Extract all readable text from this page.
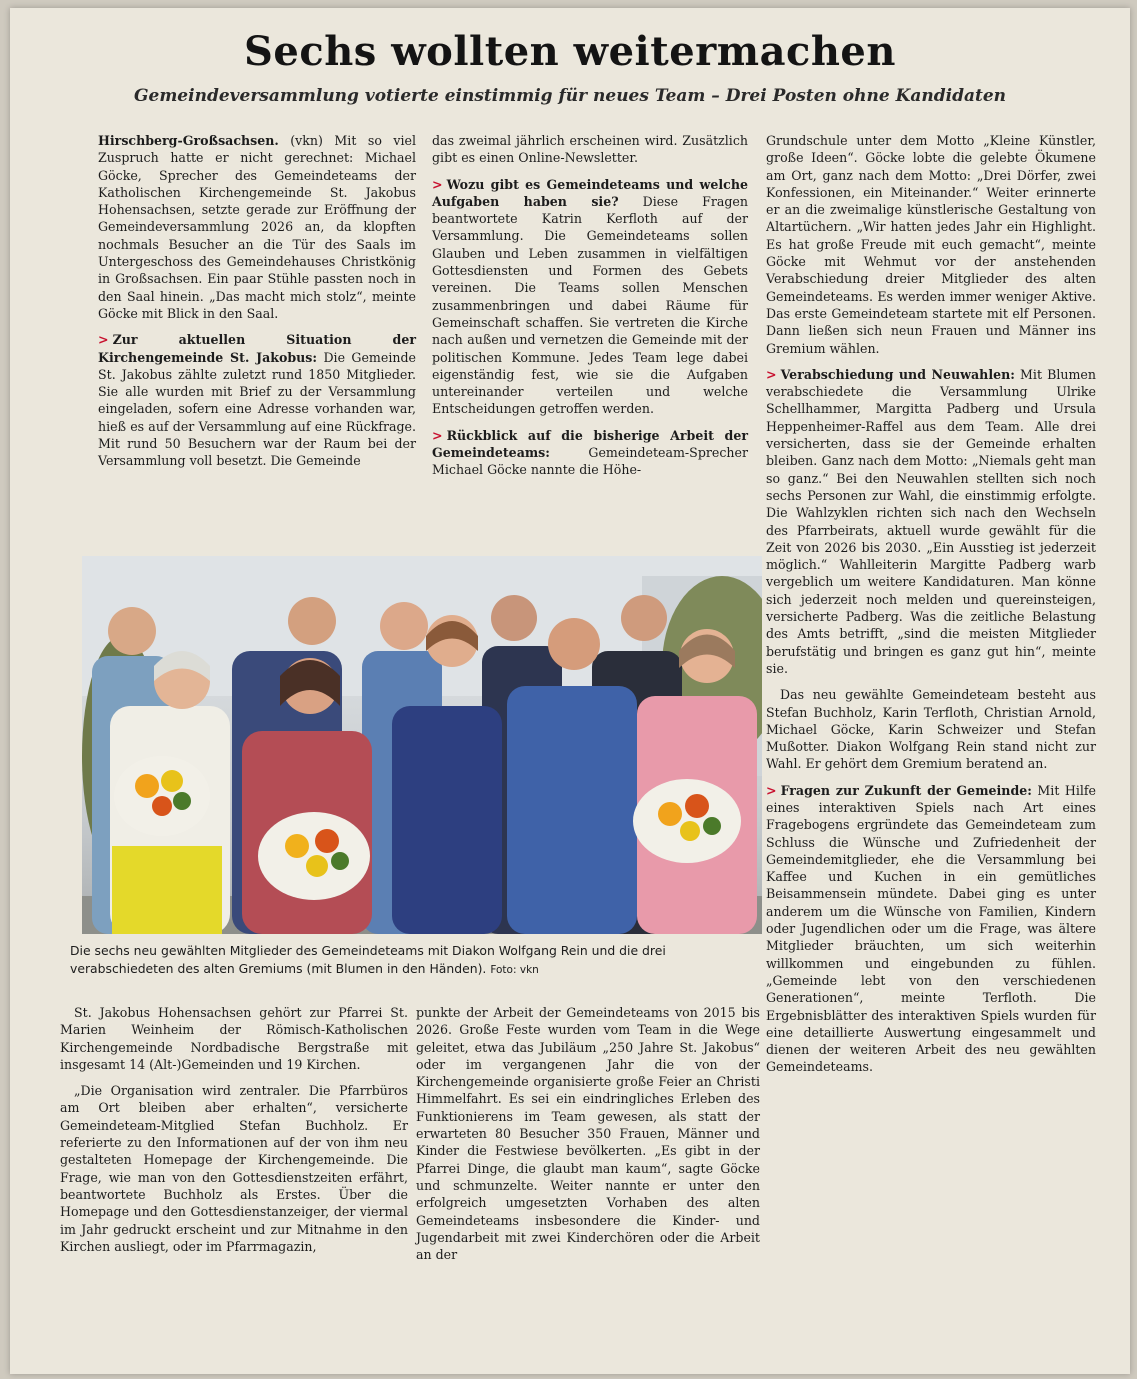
Sechs wollten weitermachen
Gemeindeversammlung votierte einstimmig für neues Team – Drei Posten ohne Kandidaten

Hirschberg-Großsachsen. (vkn) Mit so viel Zuspruch hatte er nicht gerechnet: Michael Göcke, Sprecher des Gemeindeteams der Katholischen Kirchengemeinde St. Jakobus Hohensachsen, setzte gerade zur Eröffnung der Gemeindeversammlung 2026 an, da klopften nochmals Besucher an die Tür des Saals im Untergeschoss des Gemeindehauses Christkönig in Großsachsen. Ein paar Stühle passten noch in den Saal hinein. „Das macht mich stolz“, meinte Göcke mit Blick in den Saal.

> Zur aktuellen Situation der Kirchengemeinde St. Jakobus: Die Gemeinde St. Jakobus zählte zuletzt rund 1850 Mitglieder. Sie alle wurden mit Brief zu der Versammlung eingeladen, sofern eine Adresse vorhanden war, hieß es auf der Versammlung auf eine Rückfrage. Mit rund 50 Besuchern war der Raum bei der Versammlung voll besetzt. Die Gemeinde

das zweimal jährlich erscheinen wird. Zusätzlich gibt es einen Online-Newsletter.

> Wozu gibt es Gemeindeteams und welche Aufgaben haben sie? Diese Fragen beantwortete Katrin Kerfloth auf der Versammlung. Die Gemeindeteams sollen Glauben und Leben zusammen in vielfältigen Gottesdiensten und Formen des Gebets vereinen. Die Teams sollen Menschen zusammenbringen und dabei Räume für Gemeinschaft schaffen. Sie vertreten die Kirche nach außen und vernetzen die Gemeinde mit der politischen Kommune. Jedes Team lege dabei eigenständig fest, wie sie die Aufgaben untereinander verteilen und welche Entscheidungen getroffen werden.

> Rückblick auf die bisherige Arbeit der Gemeindeteams:	Gemeindeteam-Sprecher Michael Göcke nannte die Höhe-

Grundschule unter dem Motto „Kleine Künstler, große Ideen“. Göcke lobte die gelebte Ökumene am Ort, ganz nach dem Motto: „Drei Dörfer, zwei Konfessionen, ein Miteinander.“ Weiter erinnerte er an die zweimalige künstlerische Gestaltung von Altartüchern. „Wir hatten jedes Jahr ein Highlight. Es hat große Freude mit euch gemacht“, meinte Göcke mit Wehmut vor der anstehenden Verabschiedung dreier Mitglieder des alten Gemeindeteams. Es werden immer weniger Aktive. Das erste Gemeindeteam startete mit elf Personen. Dann ließen sich neun Frauen und Männer ins Gremium wählen.

> Verabschiedung und Neuwahlen: Mit Blumen verabschiedete die Versammlung Ulrike Schellhammer, Margitta Padberg und Ursula Heppenheimer-Raffel aus dem Team. Alle drei versicherten, dass sie der Gemeinde erhalten bleiben. Ganz nach dem Motto: „Niemals geht man so ganz.“ Bei den Neuwahlen stellten sich noch sechs Personen zur Wahl, die einstimmig erfolgte. Die Wahlzyklen richten sich nach den Wechseln des Pfarrbeirats, aktuell wurde gewählt für die Zeit von 2026 bis 2030. „Ein Ausstieg ist jederzeit möglich.“ Wahlleiterin Margitte Padberg warb vergeblich um weitere Kandidaturen. Man könne sich jederzeit noch melden und quereinsteigen, versicherte Padberg. Was die zeitliche Belastung des Amts betrifft, „sind die meisten Mitglieder berufstätig und bringen es ganz gut hin“, meinte sie.

Das neu gewählte Gemeindeteam besteht aus Stefan Buchholz, Karin Terfloth, Christian Arnold, Michael Göcke, Karin Schweizer und Stefan Mußotter. Diakon Wolfgang Rein stand nicht zur Wahl. Er gehört dem Gremium beratend an.

> Fragen zur Zukunft der Gemeinde: Mit Hilfe eines interaktiven Spiels nach Art eines Fragebogens ergründete das Gemeindeteam zum Schluss die Wünsche und Zufriedenheit der Gemeindemitglieder, ehe die Versammlung bei Kaffee und Kuchen in ein gemütliches Beisammensein mündete. Dabei ging es unter anderem um die Wünsche von Familien, Kindern oder Jugendlichen oder um die Frage, was ältere Mitglieder bräuchten, um sich weiterhin willkommen und eingebunden zu fühlen. „Gemeinde lebt von den verschiedenen Generationen“, meinte Terfloth. Die Ergebnisblätter des interaktiven Spiels wurden für eine detaillierte Auswertung eingesammelt und dienen der weiteren Arbeit des neu gewählten Gemeindeteams.

Die sechs neu gewählten Mitglieder des Gemeindeteams mit Diakon Wolfgang Rein und die drei verabschiedeten des alten Gremiums (mit Blumen in den Händen). Foto: vkn

St. Jakobus Hohensachsen gehört zur Pfarrei St. Marien Weinheim der Römisch-Katholischen Kirchengemeinde Nordbadische Bergstraße mit insgesamt 14 (Alt-)Gemeinden und 19 Kirchen.

„Die Organisation wird zentraler. Die Pfarrbüros am Ort bleiben aber erhalten“, versicherte Gemeindeteam-Mitglied Stefan Buchholz. Er referierte zu den Informationen auf der von ihm neu gestalteten Homepage der Kirchengemeinde. Die Frage, wie man von den Gottesdienstzeiten erfährt, beantwortete Buchholz als Erstes. Über die Homepage und den Gottesdienstanzeiger, der viermal im Jahr gedruckt erscheint und zur Mitnahme in den Kirchen ausliegt, oder im Pfarrmagazin,

punkte der Arbeit der Gemeindeteams von 2015 bis 2026. Große Feste wurden vom Team in die Wege geleitet, etwa das Jubiläum „250 Jahre St. Jakobus“ oder im vergangenen Jahr die von der Kirchengemeinde organisierte große Feier an Christi Himmelfahrt. Es sei ein eindringliches Erleben des Funktionierens im Team gewesen, als statt der erwarteten 80 Besucher 350 Frauen, Männer und Kinder die Festwiese bevölkerten. „Es gibt in der Pfarrei Dinge, die glaubt man kaum“, sagte Göcke und schmunzelte. Weiter nannte er unter den erfolgreich umgesetzten Vorhaben des alten Gemeindeteams insbesondere die Kinder- und Jugendarbeit mit zwei Kinderchören oder die Arbeit an der
